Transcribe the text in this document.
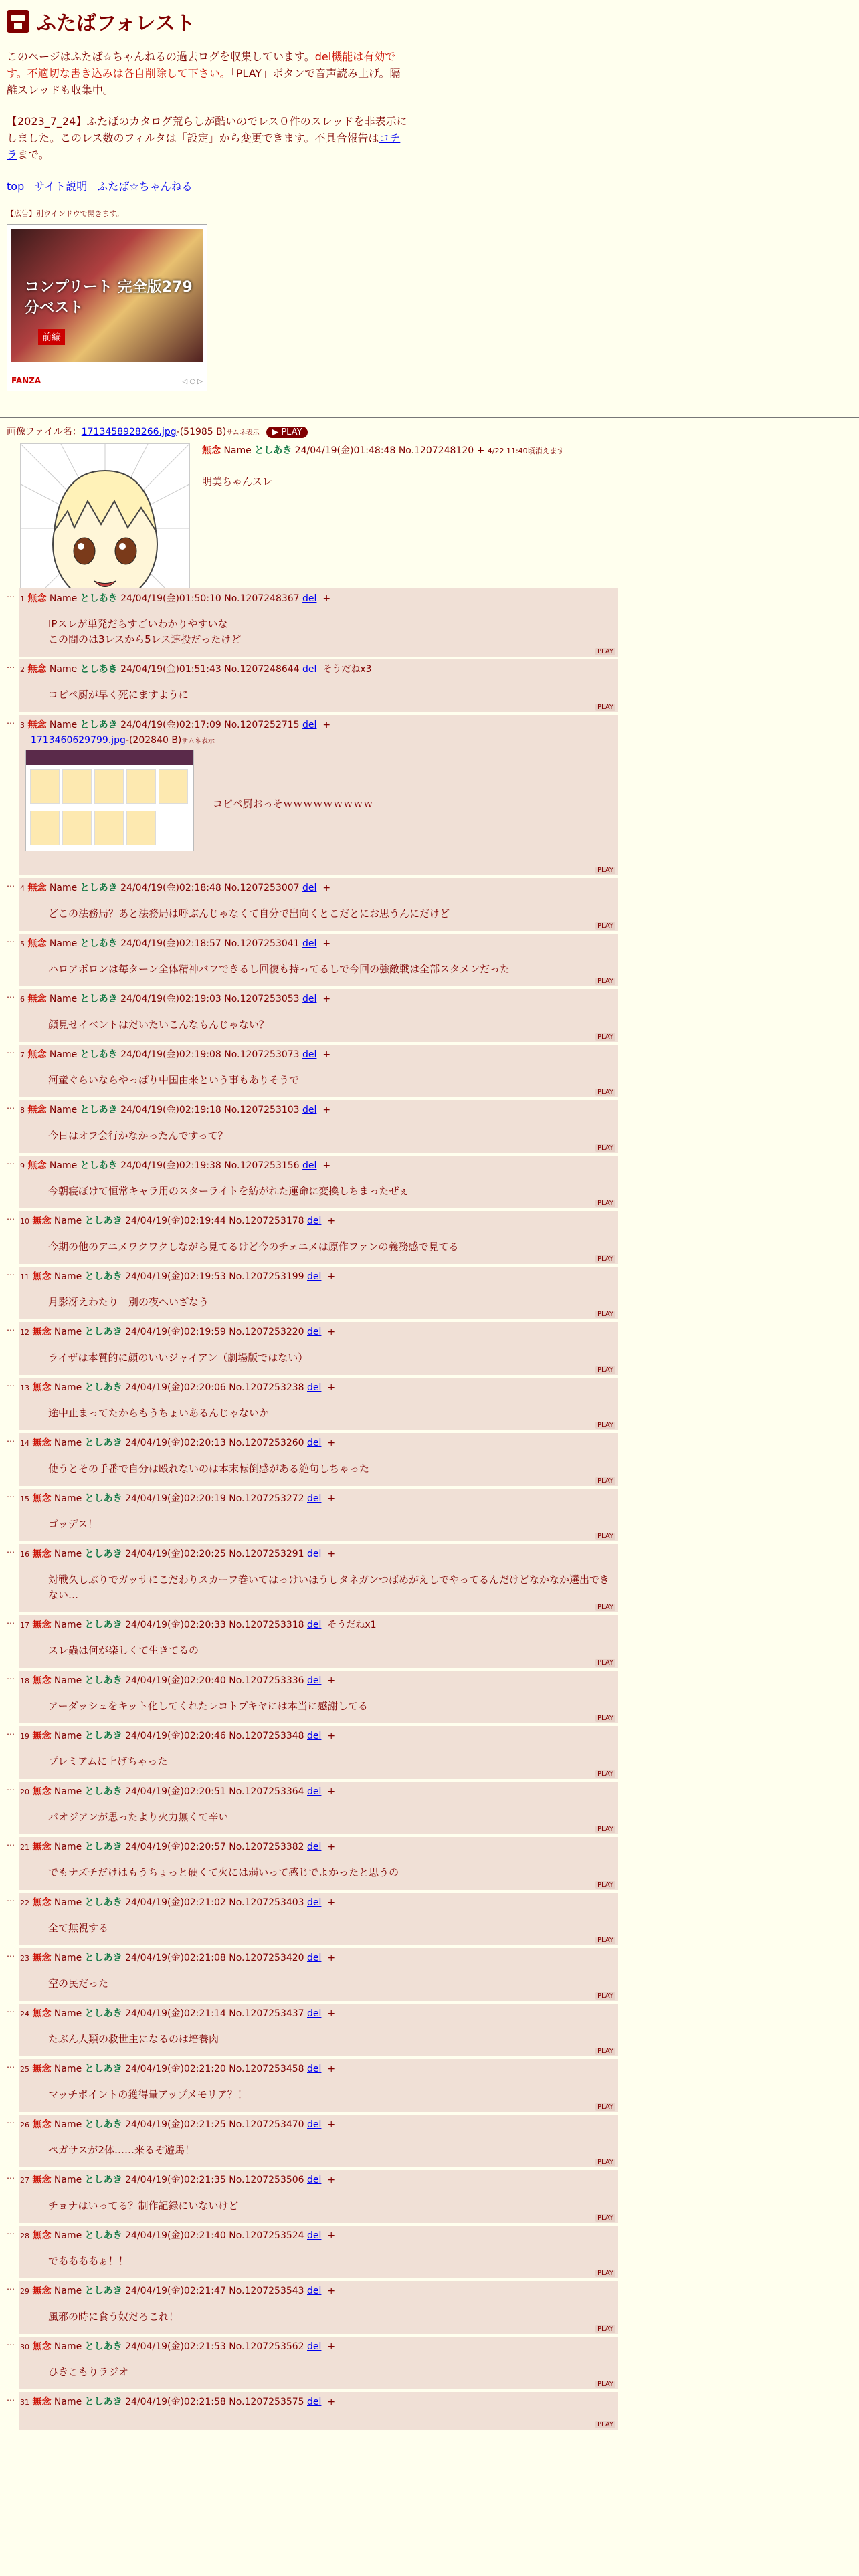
ふたばフォレスト

このページはふたば☆ちゃんねるの過去ログを収集しています。del機能は有効です。不適切な書き込みは各自削除して下さい。「PLAY」ボタンで音声読み上げ。隔離スレッドも収集中。

【2023_7_24】ふたばのカタログ荒らしが酷いのでレス０件のスレッドを非表示にしました。このレス数のフィルタは「設定」から変更できます。不具合報告はコチラまで。

top サイト説明 ふたば☆ちゃんねる
【広告】別ウインドウで開きます。
コンプリート 完全版279分ベスト
前編
FANZA	◁ ○ ▷
画像ファイル名：1713458928266.jpg-(51985 B)サムネ表示 ▶ PLAY
無念 Name としあき 24/04/19(金)01:48:48 No.1207248120 + 4/22 11:40頃消えます
明美ちゃんスレ
… 1 無念 Name としあき 24/04/19(金)01:50:10 No.1207248367 del +
IPスレが単発だらすごいわかりやすいな
この間のは3レスから5レス連投だったけど
PLAY
… 2 無念 Name としあき 24/04/19(金)01:51:43 No.1207248644 del そうだねx3
コピペ厨が早く死にますように
PLAY
… 3 無念 Name としあき 24/04/19(金)02:17:09 No.1207252715 del +
1713460629799.jpg-(202840 B)サムネ表示
コピペ厨おっそｗｗｗｗｗｗｗｗｗ
PLAY
… 4 無念 Name としあき 24/04/19(金)02:18:48 No.1207253007 del +
どこの法務局？あと法務局は呼ぶんじゃなくて自分で出向くとこだとにお思うんにだけど
PLAY
… 5 無念 Name としあき 24/04/19(金)02:18:57 No.1207253041 del +
ハロアボロンは毎ターン全体精神バフできるし回復も持ってるしで今回の強敵戦は全部スタメンだった
PLAY
… 6 無念 Name としあき 24/04/19(金)02:19:03 No.1207253053 del +
顔見せイベントはだいたいこんなもんじゃない？
PLAY
… 7 無念 Name としあき 24/04/19(金)02:19:08 No.1207253073 del +
河童ぐらいならやっぱり中国由来という事もありそうで
PLAY
… 8 無念 Name としあき 24/04/19(金)02:19:18 No.1207253103 del +
今日はオフ会行かなかったんですって？
PLAY
… 9 無念 Name としあき 24/04/19(金)02:19:38 No.1207253156 del +
今朝寝ぼけて恒常キャラ用のスターライトを紡がれた運命に変換しちまったぜぇ
PLAY
… 10 無念 Name としあき 24/04/19(金)02:19:44 No.1207253178 del +
今期の他のアニメワクワクしながら見てるけど今のチェニメは原作ファンの義務感で見てる
PLAY
… 11 無念 Name としあき 24/04/19(金)02:19:53 No.1207253199 del +
月影冴えわたり　別の夜へいざなう
PLAY
… 12 無念 Name としあき 24/04/19(金)02:19:59 No.1207253220 del +
ライザは本質的に顔のいいジャイアン（劇場版ではない）
PLAY
… 13 無念 Name としあき 24/04/19(金)02:20:06 No.1207253238 del +
途中止まってたからもうちょいあるんじゃないか
PLAY
… 14 無念 Name としあき 24/04/19(金)02:20:13 No.1207253260 del +
使うとその手番で自分は殴れないのは本末転倒感がある絶句しちゃった
PLAY
… 15 無念 Name としあき 24/04/19(金)02:20:19 No.1207253272 del +
ゴッデス！
PLAY
… 16 無念 Name としあき 24/04/19(金)02:20:25 No.1207253291 del +
対戦久しぶりでガッサにこだわりスカーフ巻いてはっけいほうしタネガンつばめがえしでやってるんだけどなかなか選出できない…
PLAY
… 17 無念 Name としあき 24/04/19(金)02:20:33 No.1207253318 del そうだねx1
スレ蟲は何が楽しくて生きてるの
PLAY
… 18 無念 Name としあき 24/04/19(金)02:20:40 No.1207253336 del +
アーダッシュをキット化してくれたレコトブキヤには本当に感謝してる
PLAY
… 19 無念 Name としあき 24/04/19(金)02:20:46 No.1207253348 del +
プレミアムに上げちゃった
PLAY
… 20 無念 Name としあき 24/04/19(金)02:20:51 No.1207253364 del +
パオジアンが思ったより火力無くて辛い
PLAY
… 21 無念 Name としあき 24/04/19(金)02:20:57 No.1207253382 del +
でもナズチだけはもうちょっと硬くて火には弱いって感じでよかったと思うの
PLAY
… 22 無念 Name としあき 24/04/19(金)02:21:02 No.1207253403 del +
全て無視する
PLAY
… 23 無念 Name としあき 24/04/19(金)02:21:08 No.1207253420 del +
空の民だった
PLAY
… 24 無念 Name としあき 24/04/19(金)02:21:14 No.1207253437 del +
たぶん人類の救世主になるのは培養肉
PLAY
… 25 無念 Name としあき 24/04/19(金)02:21:20 No.1207253458 del +
マッチポイントの獲得量アップメモリア？！
PLAY
… 26 無念 Name としあき 24/04/19(金)02:21:25 No.1207253470 del +
ペガサスが2体……来るぞ遊馬！
PLAY
… 27 無念 Name としあき 24/04/19(金)02:21:35 No.1207253506 del +
チョナはいってる？制作記録にいないけど
PLAY
… 28 無念 Name としあき 24/04/19(金)02:21:40 No.1207253524 del +
でああああぁ！！
PLAY
… 29 無念 Name としあき 24/04/19(金)02:21:47 No.1207253543 del +
風邪の時に食う奴だろこれ！
PLAY
… 30 無念 Name としあき 24/04/19(金)02:21:53 No.1207253562 del +
ひきこもりラジオ
PLAY
… 31 無念 Name としあき 24/04/19(金)02:21:58 No.1207253575 del +
PLAY
